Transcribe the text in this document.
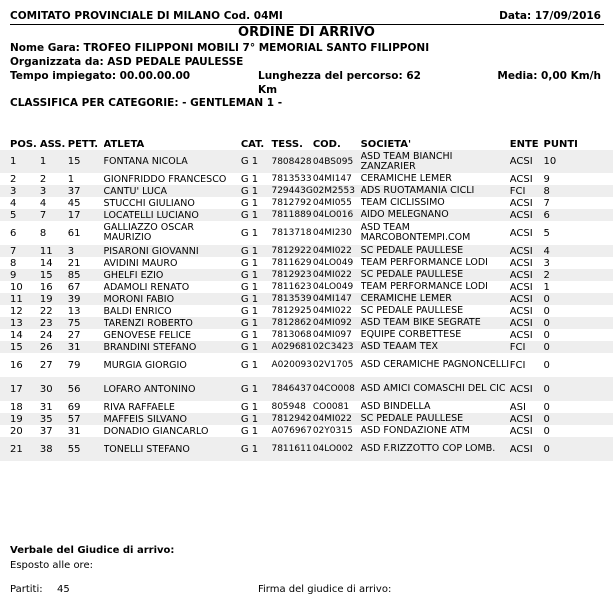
COMITATO PROVINCIALE DI MILANO Cod. 04MI	Data: 17/09/2016
ORDINE DI ARRIVO
Nome Gara: TROFEO FILIPPONI MOBILI 7° MEMORIAL SANTO FILIPPONI
Organizzata da: ASD PEDALE PAULESSE
Tempo impiegato: 00.00.00.00	Lunghezza del percorso: 62
Km
Media: 0,00 Km/h
CLASSIFICA PER CATEGORIE: - GENTLEMAN 1 -
POS.	ASS.	PETT.	ATLETA	CAT.	TESS.	COD.	SOCIETA'	ENTE	PUNTI
1	1	15	FONTANA NICOLA	G 1	7808428	04BS095	ASD TEAM BIANCHI ZANZARIER	ACSI	10
2	2	1	GIONFRIDDO FRANCESCO	G 1	7813533	04MI147	CERAMICHE LEMER	ACSI	9
3	3	37	CANTU' LUCA	G 1	729443G	02M2553	ADS RUOTAMANIA CICLI	FCI	8
4	4	45	STUCCHI GIULIANO	G 1	7812792	04MI055	TEAM CICLISSIMO	ACSI	7
5	7	17	LOCATELLI LUCIANO	G 1	7811889	04LO016	AIDO MELEGNANO	ACSI	6
6	8	61	GALLIAZZO OSCAR MAURIZIO	G 1	7813718	04MI230	ASD TEAM MARCOBONTEMPI.COM	ACSI	5
7	11	3	PISARONI GIOVANNI	G 1	7812922	04MI022	SC PEDALE PAULLESE	ACSI	4
8	14	21	AVIDINI MAURO	G 1	7811629	04LO049	TEAM PERFORMANCE LODI	ACSI	3
9	15	85	GHELFI EZIO	G 1	7812923	04MI022	SC PEDALE PAULLESE	ACSI	2
10	16	67	ADAMOLI RENATO	G 1	7811623	04LO049	TEAM PERFORMANCE LODI	ACSI	1
11	19	39	MORONI FABIO	G 1	7813539	04MI147	CERAMICHE LEMER	ACSI	0
12	22	13	BALDI ENRICO	G 1	7812925	04MI022	SC PEDALE PAULLESE	ACSI	0
13	23	75	TARENZI ROBERTO	G 1	7812862	04MI092	ASD TEAM BIKE SEGRATE	ACSI	0
14	24	27	GENOVESE FELICE	G 1	7813068	04MI097	EQUIPE CORBETTESE	ACSI	0
15	26	31	BRANDINI STEFANO	G 1	A029681	02C3423	ASD TEAAM TEX	FCI	0
16	27	79	MURGIA GIORGIO	G 1	A020093	02V1705	ASD CERAMICHE PAGNONCELLI	FCI	0
17	30	56	LOFARO ANTONINO	G 1	7846437	04CO008	ASD AMICI COMASCHI DEL CIC	ACSI	0
18	31	69	RIVA RAFFAELE	G 1	805948	CO0081	ASD BINDELLA	ASI	0
19	35	57	MAFFEIS SILVANO	G 1	7812942	04MI022	SC PEDALE PAULLESE	ACSI	0
20	37	31	DONADIO GIANCARLO	G 1	A076967	02Y0315	ASD FONDAZIONE ATM	ACSI	0
21	38	55	TONELLI STEFANO	G 1	7811611	04LO002	ASD F.RIZZOTTO COP LOMB.	ACSI	0
Verbale del Giudice di arrivo:
Esposto alle ore:
Partiti: 45	Firma del giudice di arrivo:
